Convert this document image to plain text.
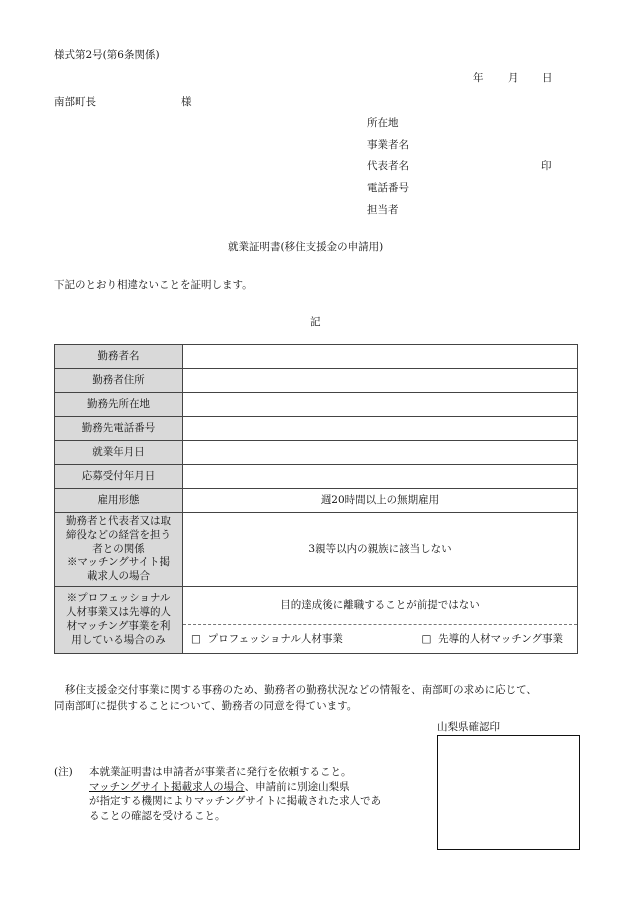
様式第2号(第6条関係)
年 月 日
南部町長	様
所在地
事業者名
代表者名	印
電話番号
担当者
就業証明書(移住支援金の申請用)
下記のとおり相違ないことを証明します。
記
勤務者名	
勤務者住所	
勤務先所在地	
勤務先電話番号	
就業年月日	
応募受付年月日	
雇用形態	週20時間以上の無期雇用

勤務者と代表者又は取
締役などの経営を担う
者との関係
※マッチングサイト掲
載求人の場合	3親等以内の親族に該当しない

※プロフェッショナル
人材事業又は先導的人
材マッチング事業を利
用している場合のみ	目的達成後に離職することが前提ではない

	□ プロフェッショナル人材事業 □ 先導的人材マッチング事業
移住支援金交付事業に関する事務のため、勤務者の勤務状況などの情報を、南部町の求めに応じて、
同南部町に提供することについて、勤務者の同意を得ています。
山梨県確認印
(注) 本就業証明書は申請者が事業者に発行を依頼すること。
マッチングサイト掲載求人の場合、申請前に別途山梨県
が指定する機関によりマッチングサイトに掲載された求人であ
ることの確認を受けること。
